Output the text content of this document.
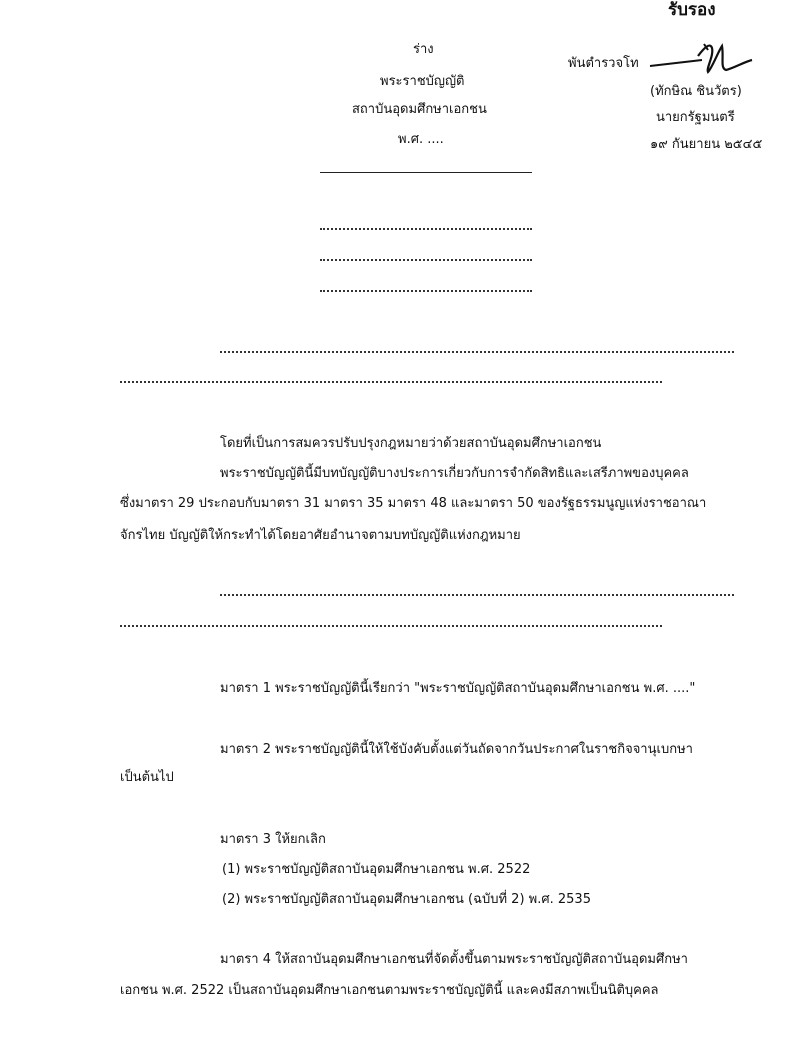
รับรอง
พันตำรวจโท
(ทักษิณ ชินวัตร)
นายกรัฐมนตรี
๑๙ กันยายน ๒๕๔๕
ร่าง
พระราชบัญญัติ
สถาบันอุดมศึกษาเอกชน
พ.ศ. ....
โดยที่เป็นการสมควรปรับปรุงกฎหมายว่าด้วยสถาบันอุดมศึกษาเอกชน
พระราชบัญญัตินี้มีบทบัญญัติบางประการเกี่ยวกับการจำกัดสิทธิและเสรีภาพของบุคคล
ซึ่งมาตรา 29 ประกอบกับมาตรา 31 มาตรา 35 มาตรา 48 และมาตรา 50 ของรัฐธรรมนูญแห่งราชอาณา
จักรไทย บัญญัติให้กระทำได้โดยอาศัยอำนาจตามบทบัญญัติแห่งกฎหมาย
มาตรา 1 พระราชบัญญัตินี้เรียกว่า "พระราชบัญญัติสถาบันอุดมศึกษาเอกชน พ.ศ. ...."
มาตรา 2 พระราชบัญญัตินี้ให้ใช้บังคับตั้งแต่วันถัดจากวันประกาศในราชกิจจานุเบกษา
เป็นต้นไป
มาตรา 3 ให้ยกเลิก
(1) พระราชบัญญัติสถาบันอุดมศึกษาเอกชน พ.ศ. 2522
(2) พระราชบัญญัติสถาบันอุดมศึกษาเอกชน (ฉบับที่ 2) พ.ศ. 2535
มาตรา 4 ให้สถาบันอุดมศึกษาเอกชนที่จัดตั้งขึ้นตามพระราชบัญญัติสถาบันอุดมศึกษา
เอกชน พ.ศ. 2522 เป็นสถาบันอุดมศึกษาเอกชนตามพระราชบัญญัตินี้ และคงมีสภาพเป็นนิติบุคคล
